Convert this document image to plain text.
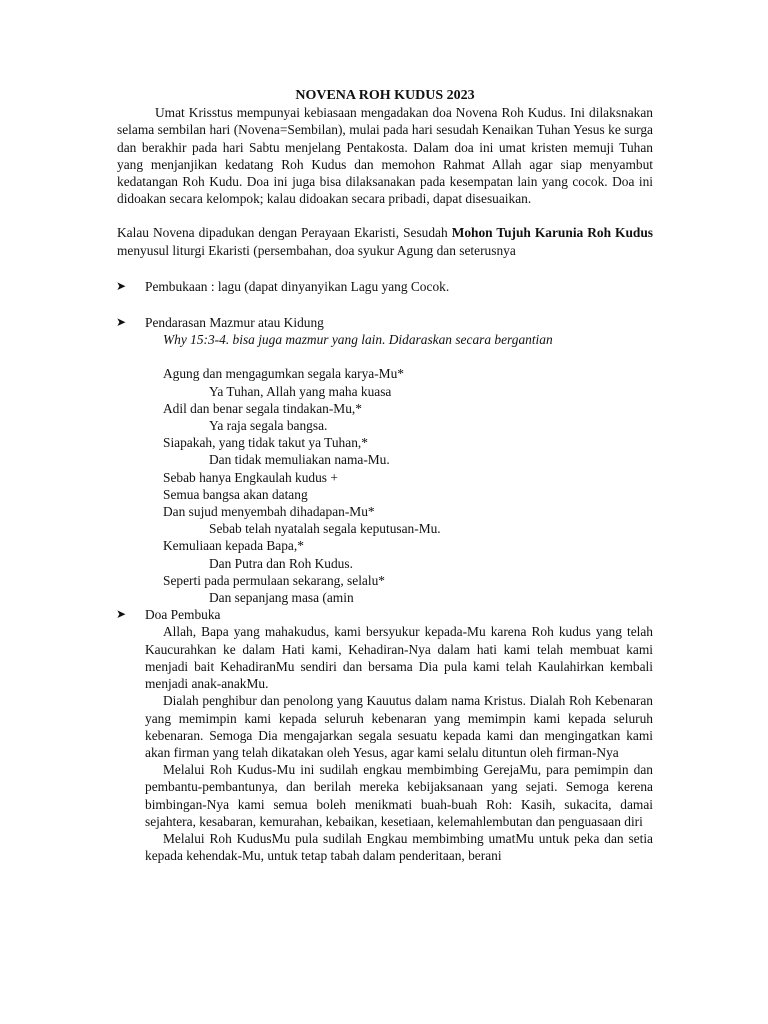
NOVENA ROH KUDUS 2023

Umat Krisstus mempunyai kebiasaan mengadakan doa Novena Roh Kudus. Ini dilaksnakan selama sembilan hari (Novena=Sembilan), mulai pada hari sesudah Kenaikan Tuhan Yesus ke surga dan berakhir pada hari Sabtu menjelang Pentakosta. Dalam doa ini umat kristen memuji Tuhan yang menjanjikan kedatang Roh Kudus dan memohon Rahmat Allah agar siap menyambut kedatangan Roh Kudu. Doa ini juga bisa dilaksanakan pada kesempatan lain yang cocok. Doa ini didoakan secara kelompok; kalau didoakan secara pribadi, dapat disesuaikan.

Kalau Novena dipadukan dengan Perayaan Ekaristi, Sesudah Mohon Tujuh Karunia Roh Kudus menyusul liturgi Ekaristi (persembahan, doa syukur Agung dan seterusnya

➤ Pembukaan : lagu (dapat dinyanyikan Lagu yang Cocok.

➤ Pendarasan Mazmur atau Kidung

Why 15:3-4. bisa juga mazmur yang lain. Didaraskan secara bergantian

Agung dan mengagumkan segala karya-Mu*

Ya Tuhan, Allah yang maha kuasa

Adil dan benar segala tindakan-Mu,*

Ya raja segala bangsa.

Siapakah, yang tidak takut ya Tuhan,*

Dan tidak memuliakan nama-Mu.

Sebab hanya Engkaulah kudus +

Semua bangsa akan datang

Dan sujud menyembah dihadapan-Mu*

Sebab telah nyatalah segala keputusan-Mu.

Kemuliaan kepada Bapa,*

Dan Putra dan Roh Kudus.

Seperti pada permulaan sekarang, selalu*

Dan sepanjang masa (amin

➤ Doa Pembuka

Allah, Bapa yang mahakudus, kami bersyukur kepada-Mu karena Roh kudus yang telah Kaucurahkan ke dalam Hati kami, Kehadiran-Nya dalam hati kami telah membuat kami menjadi bait KehadiranMu sendiri dan bersama Dia pula kami telah Kaulahirkan kembali menjadi anak-anakMu.

Dialah penghibur dan penolong yang Kauutus dalam nama Kristus. Dialah Roh Kebenaran yang memimpin kami kepada seluruh kebenaran yang memimpin kami kepada seluruh kebenaran. Semoga Dia mengajarkan segala sesuatu kepada kami dan mengingatkan kami akan firman yang telah dikatakan oleh Yesus, agar kami selalu dituntun oleh firman-Nya

Melalui Roh Kudus-Mu ini sudilah engkau membimbing GerejaMu, para pemimpin dan pembantu-pembantunya, dan berilah mereka kebijaksanaan yang sejati. Semoga kerena bimbingan-Nya kami semua boleh menikmati buah-buah Roh: Kasih, sukacita, damai sejahtera, kesabaran, kemurahan, kebaikan, kesetiaan, kelemahlembutan dan penguasaan diri

Melalui Roh KudusMu pula sudilah Engkau membimbing umatMu untuk peka dan setia kepada kehendak-Mu, untuk tetap tabah dalam penderitaan, berani
